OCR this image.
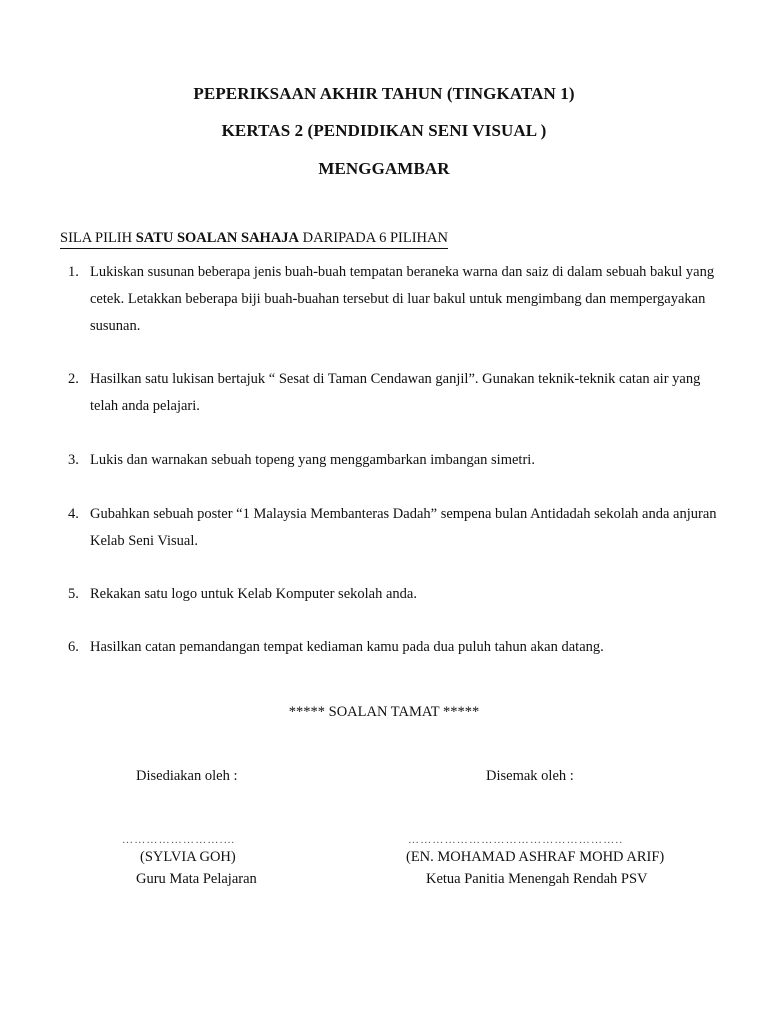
PEPERIKSAAN AKHIR TAHUN (TINGKATAN 1)
KERTAS 2 (PENDIDIKAN SENI VISUAL )
MENGGAMBAR
SILA PILIH SATU SOALAN SAHAJA DARIPADA 6 PILIHAN
1. Lukiskan susunan beberapa jenis buah-buah tempatan beraneka warna dan saiz di dalam sebuah bakul yang cetek. Letakkan beberapa biji buah-buahan tersebut di luar bakul untuk mengimbang dan mempergayakan susunan.
2. Hasilkan satu lukisan bertajuk “ Sesat di Taman Cendawan ganjil”. Gunakan teknik-teknik catan air yang telah anda pelajari.
3. Lukis dan warnakan sebuah topeng yang menggambarkan imbangan simetri.
4. Gubahkan sebuah poster “1 Malaysia Membanteras Dadah” sempena bulan Antidadah sekolah anda anjuran Kelab Seni Visual.
5. Rekakan satu logo untuk Kelab Komputer sekolah anda.
6. Hasilkan catan pemandangan tempat kediaman kamu pada dua puluh tahun akan datang.
***** SOALAN TAMAT *****
Disediakan oleh :	Disemak oleh :
…………………….…	……………………………………………..
(SYLVIA GOH)	(EN. MOHAMAD ASHRAF MOHD ARIF)
Guru Mata Pelajaran	Ketua Panitia Menengah Rendah PSV
